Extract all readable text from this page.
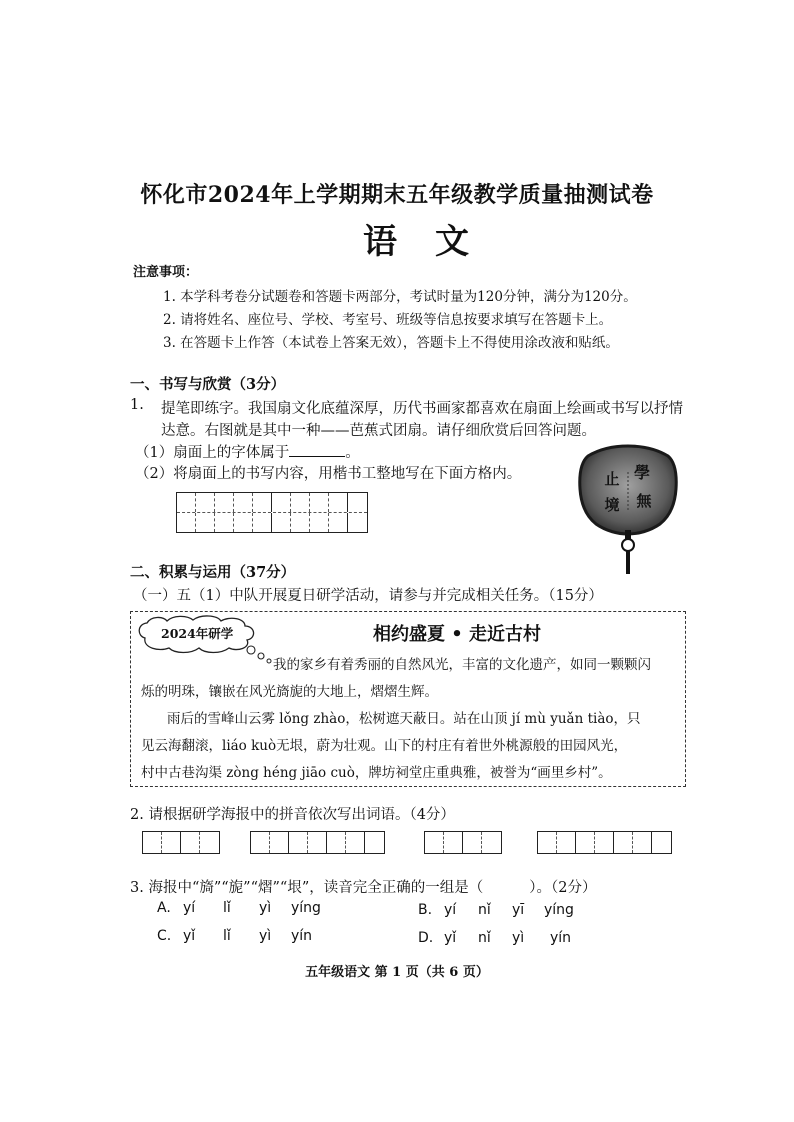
怀化市2024年上学期期末五年级教学质量抽测试卷
语文
注意事项：
1. 本学科考卷分试题卷和答题卡两部分，考试时量为120分钟，满分为120分。
2. 请将姓名、座位号、学校、考室号、班级等信息按要求填写在答题卡上。
3. 在答题卡上作答（本试卷上答案无效），答题卡上不得使用涂改液和贴纸。
一、书写与欣赏（3分）
1. 提笔即练字。我国扇文化底蕴深厚，历代书画家都喜欢在扇面上绘画或书写以抒情
达意。右图就是其中一种——芭蕉式团扇。请仔细欣赏后回答问题。
（1）扇面上的字体属于	。
（2）将扇面上的书写内容，用楷书工整地写在下面方格内。	學
止
境 無
二、积累与运用（37分）
（一）五（1）中队开展夏日研学活动，请参与并完成相关任务。（15分）
2024年研学	相约盛夏 • 走近古村
我的家乡有着秀丽的自然风光，丰富的文化遗产，如同一颗颗闪
烁的明珠，镶嵌在风光旖旎的大地上，熠熠生辉。
雨后的雪峰山云雾 lǒng zhào，松树遮天蔽日。站在山顶 jí mù yuǎn tiào，只
见云海翻滚，liáo kuò无垠，蔚为壮观。山下的村庄有着世外桃源般的田园风光，
村中古巷沟渠 zòng héng jiāo cuò，牌坊祠堂庄重典雅，被誉为“画里乡村”。
2. 请根据研学海报中的拼音依次写出词语。（4分）
3. 海报中“旖”“旎”“熠”“垠”，读音完全正确的一组是（	）。（2分）
A. yí lǐ yì yíng	B. yí nǐ yī yíng
C. yǐ lǐ yì yín	D. yǐ nǐ yì yín
五年级语文 第 1 页（共 6 页）
